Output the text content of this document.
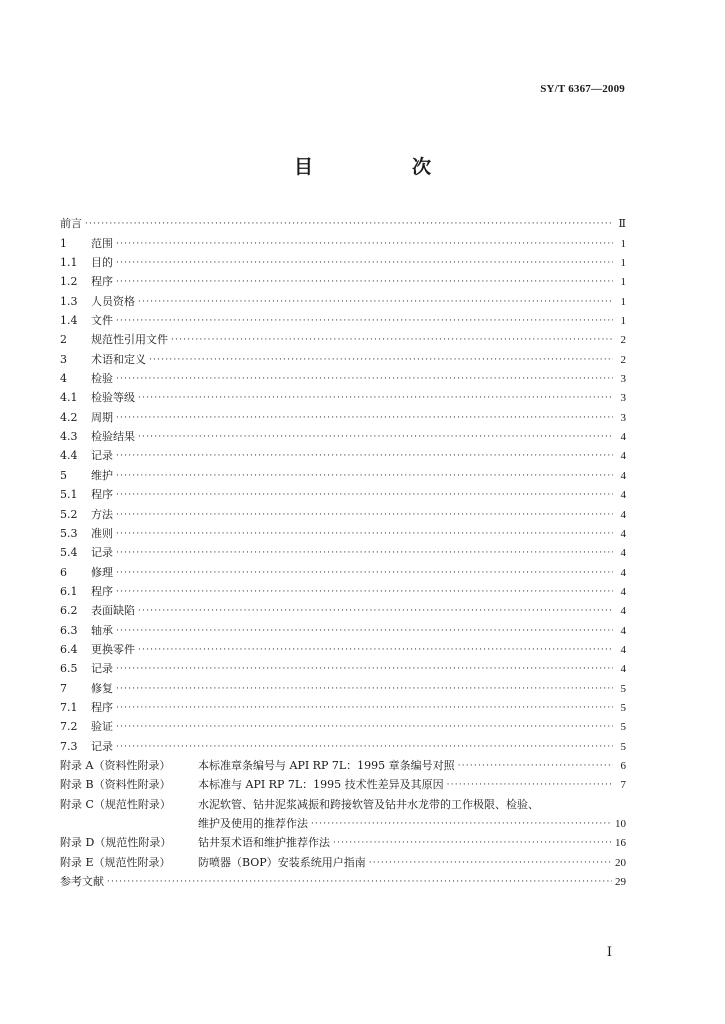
SY/T 6367—2009
目　次
前言 ·····	Ⅱ
1	范围 ·····	1
1.1	目的 ·····	1
1.2	程序 ·····	1
1.3	人员资格 ·····	1
1.4	文件 ·····	1
2	规范性引用文件 ·····	2
3	术语和定义 ·····	2
4	检验 ·····	3
4.1	检验等级 ·····	3
4.2	周期 ·····	3
4.3	检验结果 ·····	4
4.4	记录 ·····	4
5	维护 ·····	4
5.1	程序 ·····	4
5.2	方法 ·····	4
5.3	准则 ·····	4
5.4	记录 ·····	4
6	修理 ·····	4
6.1	程序 ·····	4
6.2	表面缺陷 ·····	4
6.3	轴承 ·····	4
6.4	更换零件 ·····	4
6.5	记录 ·····	4
7	修复 ·····	5
7.1	程序 ·····	5
7.2	验证 ·····	5
7.3	记录 ·····	5
附录 A（资料性附录）	本标准章条编号与 API RP 7L：1995 章条编号对照 ·····	6
附录 B（资料性附录）	本标准与 API RP 7L：1995 技术性差异及其原因 ·····	7
附录 C（规范性附录）	水泥软管、钻井泥浆减振和跨接软管及钻井水龙带的工作极限、检验、
维护及使用的推荐作法 ·····	10
附录 D（规范性附录）	钻井泵术语和维护推荐作法 ·····	16
附录 E（规范性附录）	防喷器（BOP）安装系统用户指南 ·····	20
参考文献 ·····	29
Ⅰ
